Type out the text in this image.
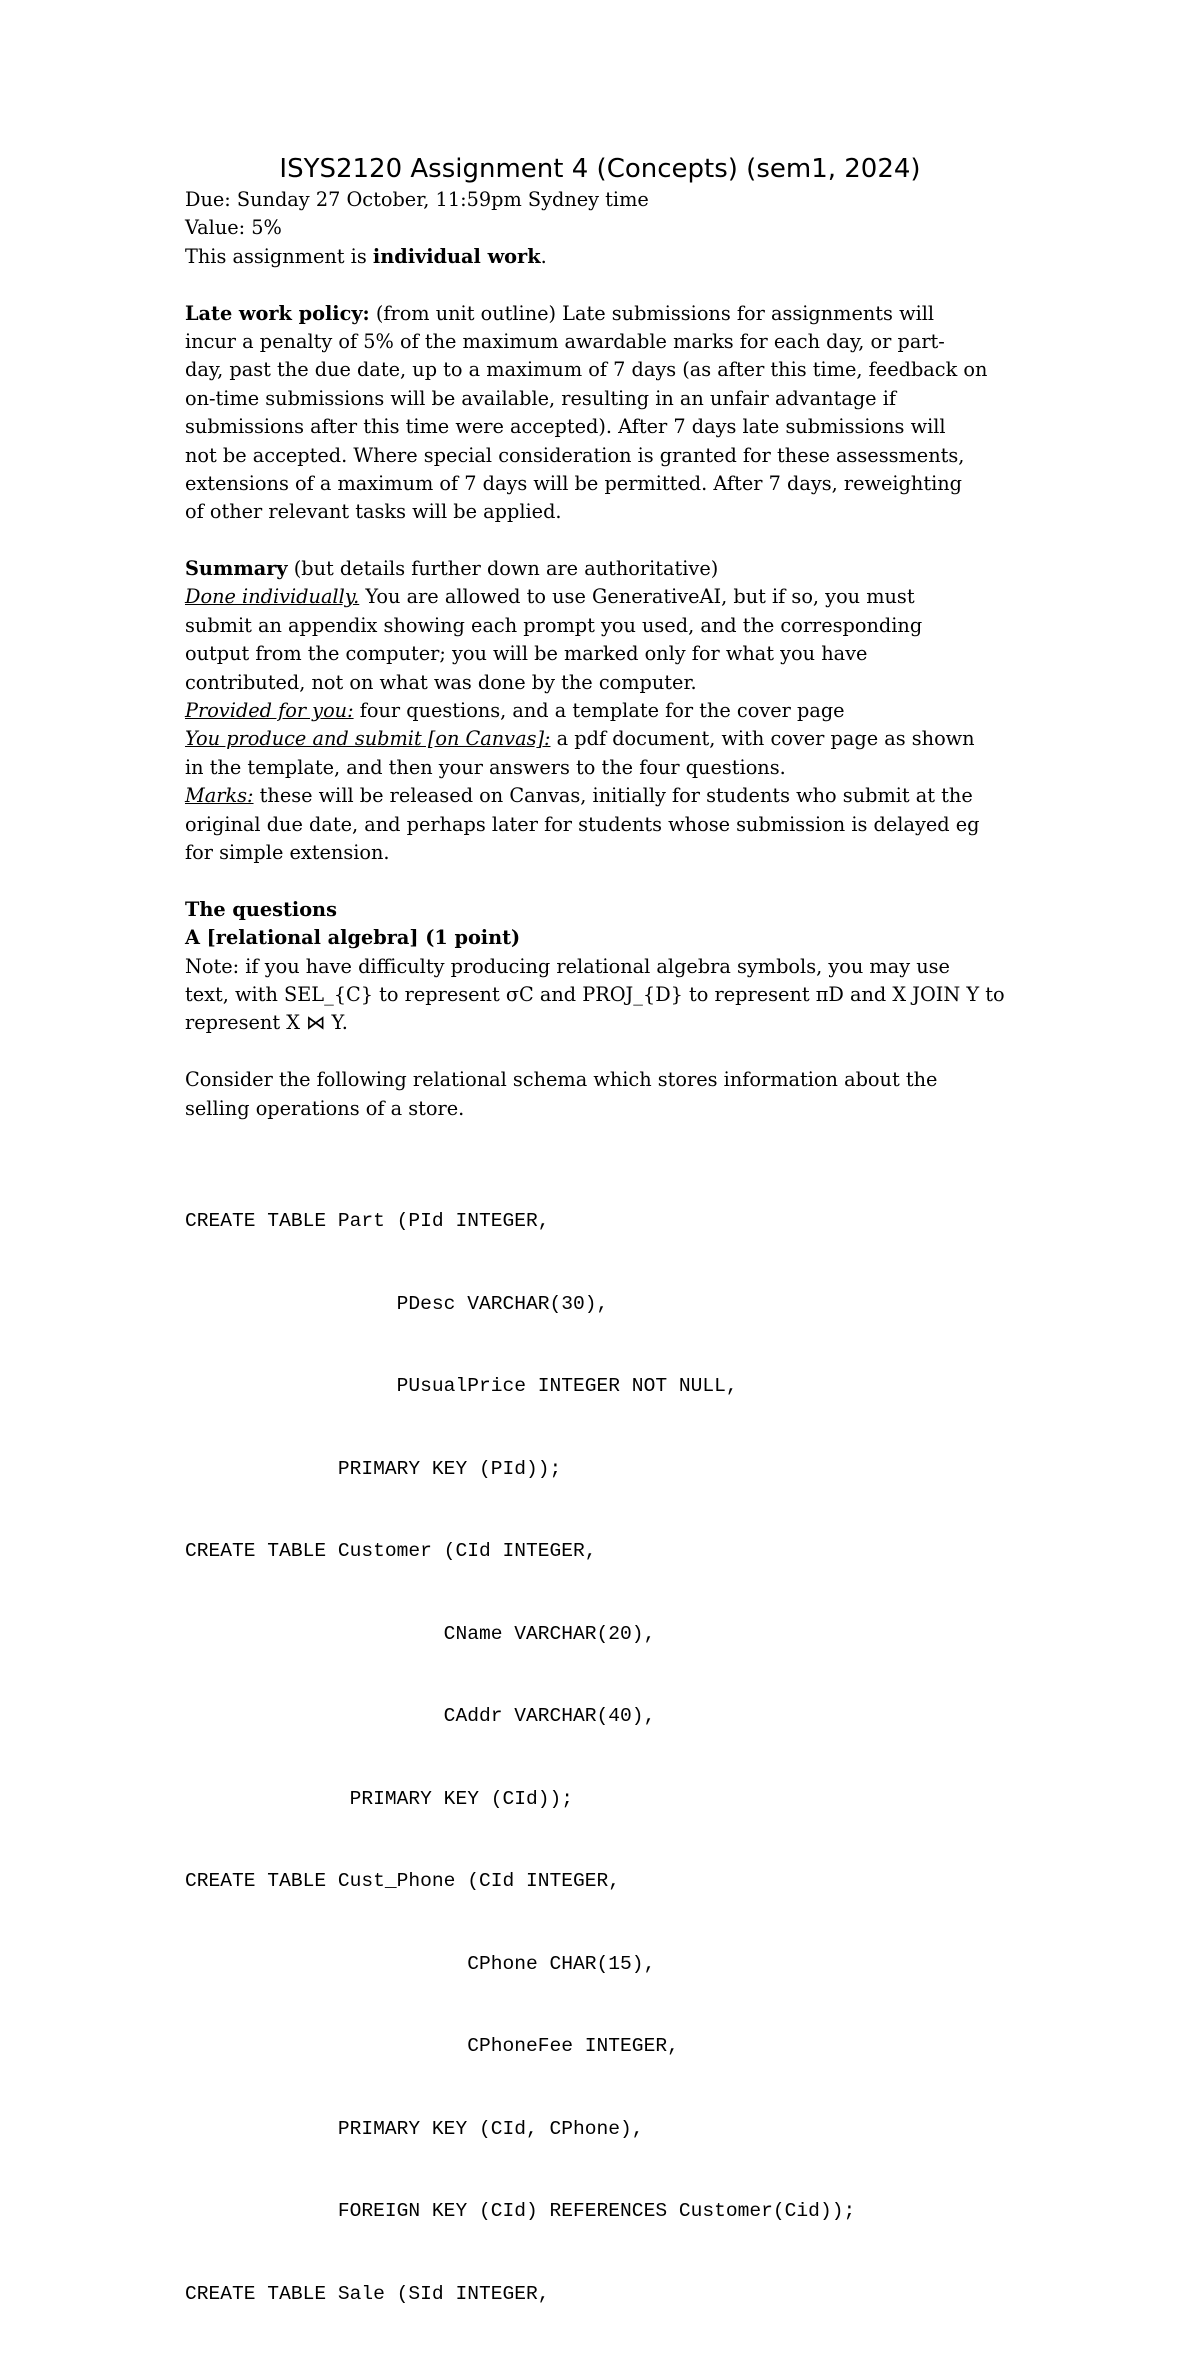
ISYS2120 Assignment 4 (Concepts) (sem1, 2024)
Due: Sunday 27 October, 11:59pm Sydney time
Value: 5%
This assignment is individual work.
Late work policy: (from unit outline) Late submissions for assignments will
incur a penalty of 5% of the maximum awardable marks for each day, or part-
day, past the due date, up to a maximum of 7 days (as after this time, feedback on
on-time submissions will be available, resulting in an unfair advantage if
submissions after this time were accepted). After 7 days late submissions will
not be accepted. Where special consideration is granted for these assessments,
extensions of a maximum of 7 days will be permitted. After 7 days, reweighting
of other relevant tasks will be applied.
Summary (but details further down are authoritative)
Done individually. You are allowed to use GenerativeAI, but if so, you must
submit an appendix showing each prompt you used, and the corresponding
output from the computer; you will be marked only for what you have
contributed, not on what was done by the computer.
Provided for you: four questions, and a template for the cover page
You produce and submit [on Canvas]: a pdf document, with cover page as shown
in the template, and then your answers to the four questions.
Marks: these will be released on Canvas, initially for students who submit at the
original due date, and perhaps later for students whose submission is delayed eg
for simple extension.
The questions
A [relational algebra] (1 point)
Note: if you have difficulty producing relational algebra symbols, you may use
text, with SEL_{C} to represent σC and PROJ_{D} to represent πD and X JOIN Y to
represent X ⋈ Y.
Consider the following relational schema which stores information about the
selling operations of a store.

CREATE TABLE Part (PId INTEGER,

PDesc VARCHAR(30),

PUsualPrice INTEGER NOT NULL,

PRIMARY KEY (PId));

CREATE TABLE Customer (CId INTEGER,

CName VARCHAR(20),

CAddr VARCHAR(40),

PRIMARY KEY (CId));

CREATE TABLE Cust_Phone (CId INTEGER,

CPhone CHAR(15),

CPhoneFee INTEGER,

PRIMARY KEY (CId, CPhone),

FOREIGN KEY (CId) REFERENCES Customer(Cid));

CREATE TABLE Sale (SId INTEGER,
